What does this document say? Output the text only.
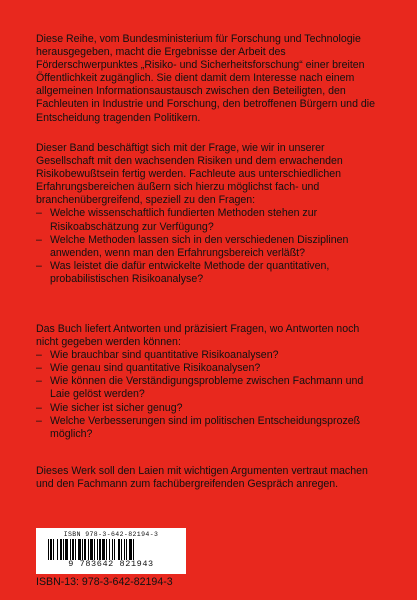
Diese Reihe, vom Bundesministerium für Forschung und Technologie herausgegeben, macht die Ergebnisse der Arbeit des Förderschwerpunktes „Risiko- und Sicherheitsforschung“ einer breiten Öffentlichkeit zugänglich. Sie dient damit dem Interesse nach einem allgemeinen Informationsaustausch zwischen den Beteiligten, den Fachleuten in Industrie und Forschung, den betroffenen Bürgern und die Entscheidung tragenden Politikern.
Dieser Band beschäftigt sich mit der Frage, wie wir in unserer Gesellschaft mit den wachsenden Risiken und dem erwachenden Risikobewußtsein fertig werden. Fachleute aus unterschiedlichen Erfahrungsbereichen äußern sich hierzu möglichst fach- und branchenübergreifend, speziell zu den Fragen:
– Welche wissenschaftlich fundierten Methoden stehen zur Risikoabschätzung zur Verfügung?
– Welche Methoden lassen sich in den verschiedenen Disziplinen anwenden, wenn man den Erfahrungsbereich verläßt?
– Was leistet die dafür entwickelte Methode der quantitativen, probabilistischen Risikoanalyse?
Das Buch liefert Antworten und präzisiert Fragen, wo Antworten noch nicht gegeben werden können:
– Wie brauchbar sind quantitative Risikoanalysen?
– Wie genau sind quantitative Risikoanalysen?
– Wie können die Verständigungsprobleme zwischen Fachmann und Laie gelöst werden?
– Wie sicher ist sicher genug?
– Welche Verbesserungen sind im politischen Entscheidungsprozeß möglich?
Dieses Werk soll den Laien mit wichtigen Argumenten vertraut machen und den Fachmann zum fachübergreifenden Gespräch anregen.
ISBN 978-3-642-82194-3
9 783642 821943
ISBN-13: 978-3-642-82194-3
